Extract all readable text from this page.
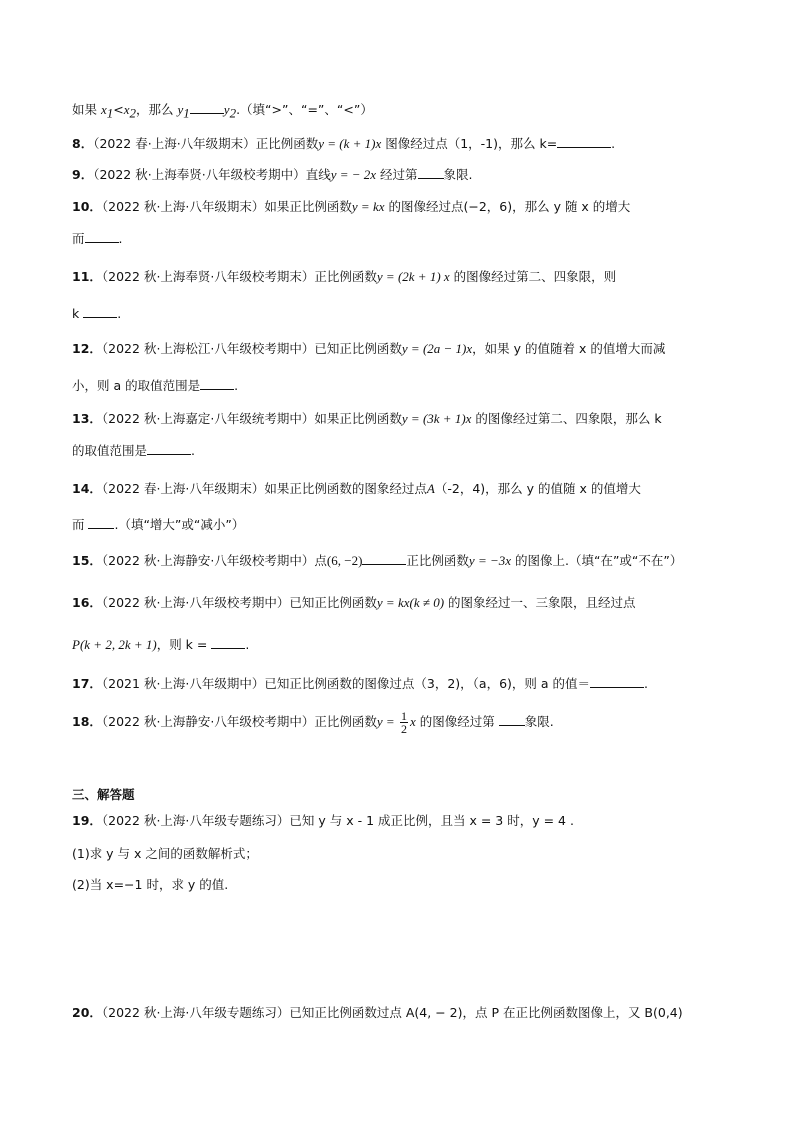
如果 $x_1<x_2$，那么 $y_1$	$y_2$.（填“>”、“=”、“<”）
8．（2022 春·上海·八年级期末）正比例函数y = (k + 1)x 图像经过点（1，-1)，那么 k=	.
9．（2022 秋·上海奉贤·八年级校考期中）直线y = − 2x 经过第 象限.
10．（2022 秋·上海·八年级期末）如果正比例函数y = kx 的图像经过点(−2，6)，那么 y 随 x 的增大
而	.
11．（2022 秋·上海奉贤·八年级校考期末）正比例函数y = (2k + 1) x 的图像经过第二、四象限，则
k	.
12．（2022 秋·上海松江·八年级校考期中）已知正比例函数y = (2a − 1)x，如果 y 的值随着 x 的值增大而减
小，则 a 的取值范围是	.
13．（2022 秋·上海嘉定·八年级统考期中）如果正比例函数y = (3k + 1)x 的图像经过第二、四象限，那么 k
的取值范围是	.
14．（2022 春·上海·八年级期末）如果正比例函数的图象经过点A（-2，4)，那么 y 的值随 x 的值增大
而 .（填“增大”或“减小”）
15．（2022 秋·上海静安·八年级校考期中）点(6, −2)	正比例函数y = −3x 的图像上.（填“在”或“不在”）
16．（2022 秋·上海·八年级校考期中）已知正比例函数y = kx(k ≠ 0) 的图象经过一、三象限，且经过点
P(k + 2, 2k + 1)，则 k =	.
17．（2021 秋·上海·八年级期中）已知正比例函数的图像过点（3，2)，（a，6)，则 a 的值＝	.
18．（2022 秋·上海静安·八年级校考期中）正比例函数$y = \frac{1}{2}$ x 的图像经过第 象限.
三、解答题
19．（2022 秋·上海·八年级专题练习）已知 y 与 x - 1 成正比例，且当 x = 3 时，y = 4 .
(1)求 y 与 x 之间的函数解析式；
(2)当 x=−1 时，求 y 的值.
20．（2022 秋·上海·八年级专题练习）已知正比例函数过点 A(4, − 2)，点 P 在正比例函数图像上，又 B(0,4)
